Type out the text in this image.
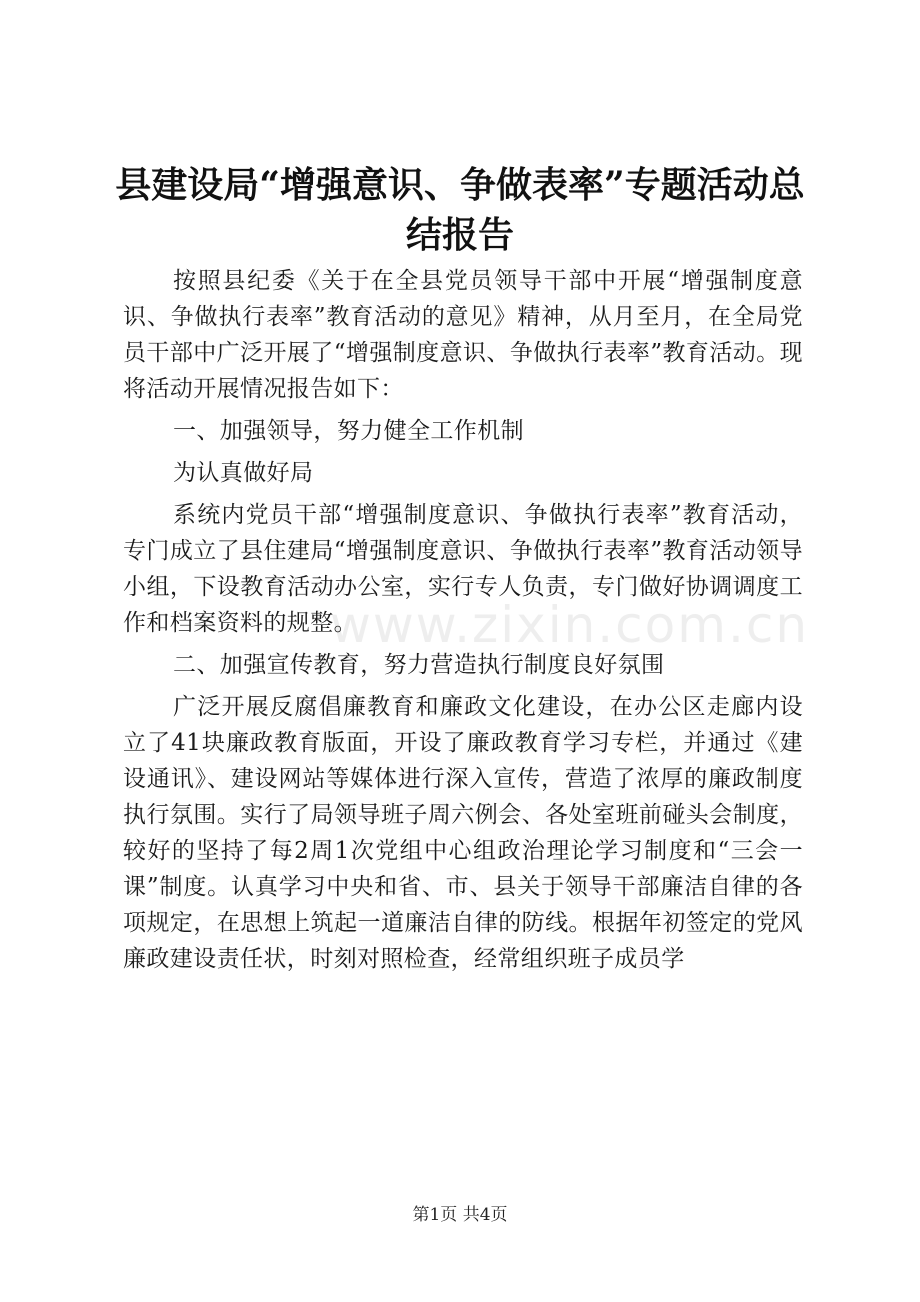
县建设局“增强意识、争做表率”专题活动总结报告
www.zixin.com.cn

按照县纪委《关于在全县党员领导干部中开展“增强制度意识、争做执行表率”教育活动的意见》精神，从月至月，在全局党员干部中广泛开展了“增强制度意识、争做执行表率”教育活动。现将活动开展情况报告如下：

一、加强领导，努力健全工作机制

为认真做好局

系统内党员干部“增强制度意识、争做执行表率”教育活动，专门成立了县住建局“增强制度意识、争做执行表率”教育活动领导小组，下设教育活动办公室，实行专人负责，专门做好协调调度工作和档案资料的规整。

二、加强宣传教育，努力营造执行制度良好氛围

广泛开展反腐倡廉教育和廉政文化建设，在办公区走廊内设立了41块廉政教育版面，开设了廉政教育学习专栏，并通过《建设通讯》、建设网站等媒体进行深入宣传，营造了浓厚的廉政制度执行氛围。实行了局领导班子周六例会、各处室班前碰头会制度，较好的坚持了每2周1次党组中心组政治理论学习制度和“三会一课”制度。认真学习中央和省、市、县关于领导干部廉洁自律的各项规定，在思想上筑起一道廉洁自律的防线。根据年初签定的党风廉政建设责任状，时刻对照检查，经常组织班子成员学

第1页 共4页
